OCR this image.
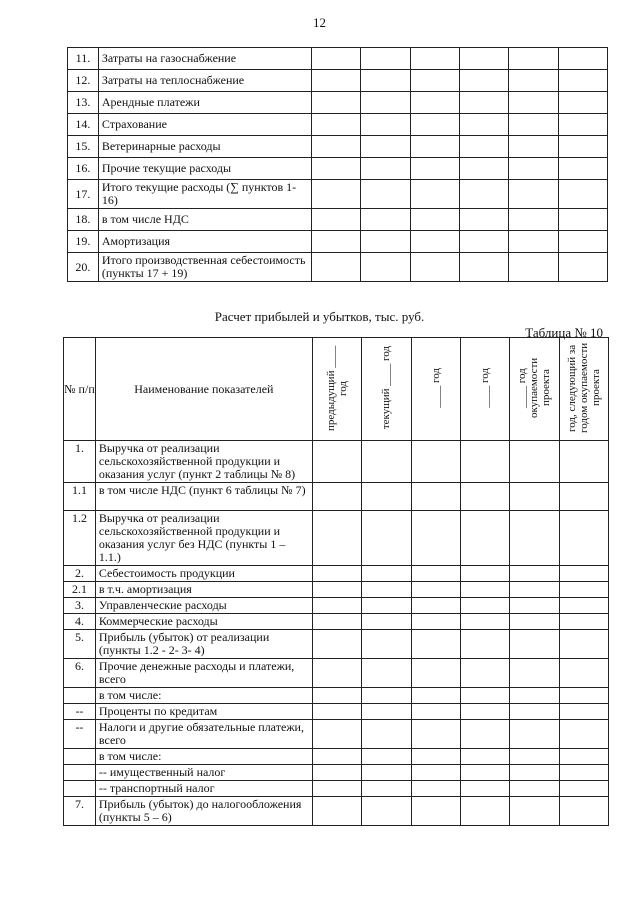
12
11.	Затраты на газоснабжение						
12.	Затраты на теплоснабжение						
13.	Арендные платежи						
14.	Страхование						
15.	Ветеринарные расходы						
16.	Прочие текущие расходы						
17.	Итого текущие расходы (∑ пунктов 1- 16)						
18.	в том числе НДС						
19.	Амортизация						
20.	Итого производственная себестоимость (пункты 17 + 19)						
Расчет прибылей и убытков, тыс. руб.
Таблица № 10
№ п/п	Наименование показателей	предыдущий ____ год	текущий ____ год	____ год	____ год	____ год окупаемости проекта	год, следующий за годом окупаемости проекта
1.	Выручка от реализации сельскохозяйственной продукции и оказания услуг (пункт 2 таблицы № 8)						
1.1	в том числе НДС (пункт 6 таблицы № 7)						
1.2	Выручка от реализации сельскохозяйственной продукции и оказания услуг без НДС (пункты 1 – 1.1.)						
2.	Себестоимость продукции						
2.1	в т.ч. амортизация						
3.	Управленческие расходы						
4.	Коммерческие расходы						
5.	Прибыль (убыток) от реализации (пункты 1.2 - 2- 3- 4)						
6.	Прочие денежные расходы и платежи, всего						
	в том числе:						
--	Проценты по кредитам						
--	Налоги и другие обязательные платежи, всего						
	в том числе:						
	-- имущественный налог						
	-- транспортный налог						
7.	Прибыль (убыток) до налогообложения (пункты 5 – 6)						
